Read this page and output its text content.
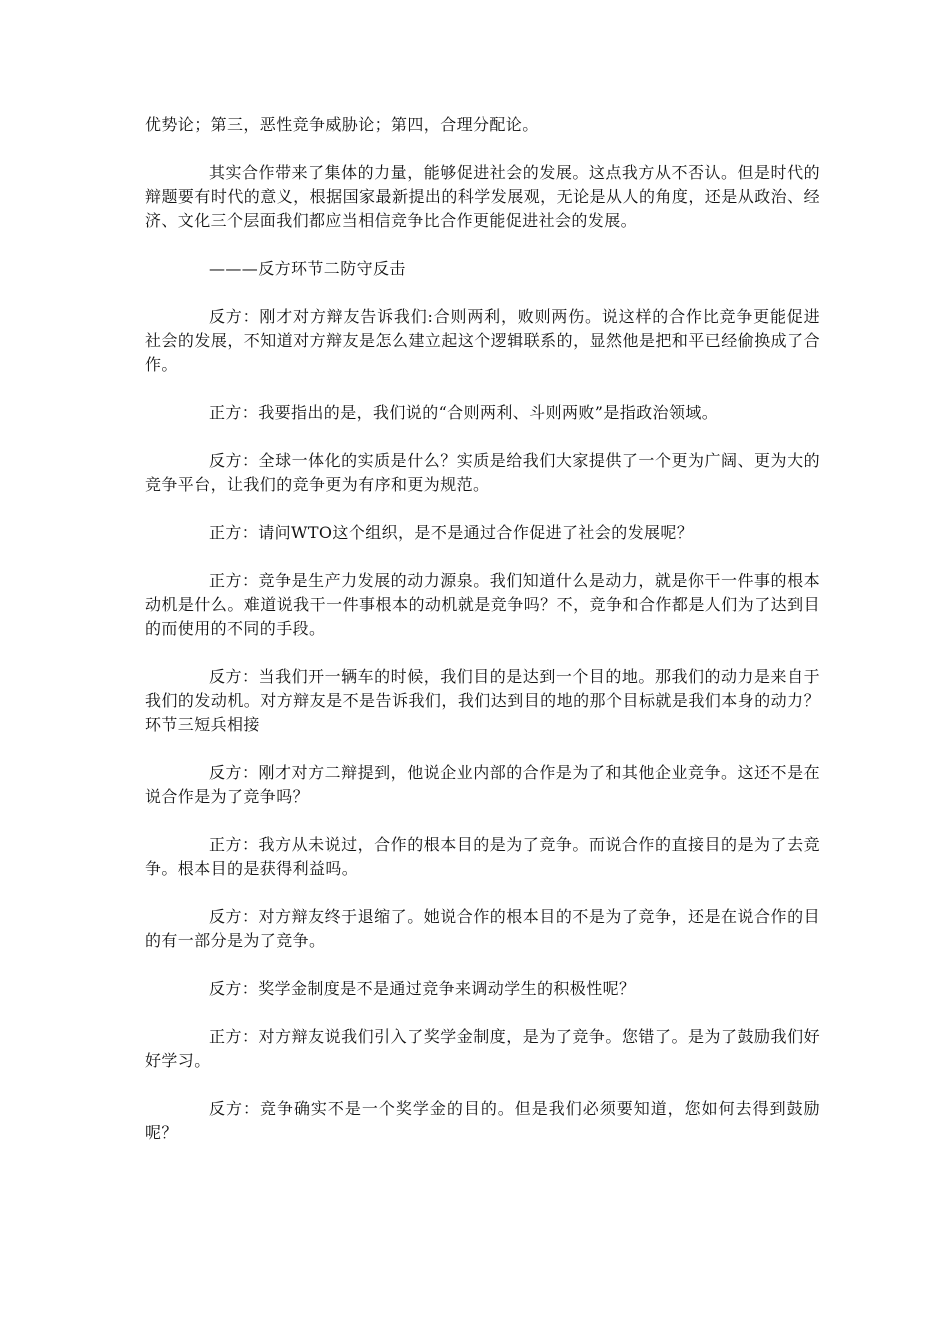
优势论；第三，恶性竞争威胁论；第四，合理分配论。

其实合作带来了集体的力量，能够促进社会的发展。这点我方从不否认。但是时代的辩题要有时代的意义，根据国家最新提出的科学发展观，无论是从人的角度，还是从政治、经济、文化三个层面我们都应当相信竞争比合作更能促进社会的发展。

———反方环节二防守反击

反方：刚才对方辩友告诉我们:合则两利，败则两伤。说这样的合作比竞争更能促进社会的发展，不知道对方辩友是怎么建立起这个逻辑联系的，显然他是把和平已经偷换成了合作。

正方：我要指出的是，我们说的“合则两利、斗则两败”是指政治领域。

反方：全球一体化的实质是什么？实质是给我们大家提供了一个更为广阔、更为大的竞争平台，让我们的竞争更为有序和更为规范。

正方：请问WTO这个组织，是不是通过合作促进了社会的发展呢？

正方：竞争是生产力发展的动力源泉。我们知道什么是动力，就是你干一件事的根本动机是什么。难道说我干一件事根本的动机就是竞争吗？不，竞争和合作都是人们为了达到目的而使用的不同的手段。

反方：当我们开一辆车的时候，我们目的是达到一个目的地。那我们的动力是来自于我们的发动机。对方辩友是不是告诉我们，我们达到目的地的那个目标就是我们本身的动力？环节三短兵相接

反方：刚才对方二辩提到，他说企业内部的合作是为了和其他企业竞争。这还不是在说合作是为了竞争吗？

正方：我方从未说过，合作的根本目的是为了竞争。而说合作的直接目的是为了去竞争。根本目的是获得利益吗。

反方：对方辩友终于退缩了。她说合作的根本目的不是为了竞争，还是在说合作的目的有一部分是为了竞争。

反方：奖学金制度是不是通过竞争来调动学生的积极性呢？

正方：对方辩友说我们引入了奖学金制度，是为了竞争。您错了。是为了鼓励我们好好学习。

反方：竞争确实不是一个奖学金的目的。但是我们必须要知道，您如何去得到鼓励呢？
